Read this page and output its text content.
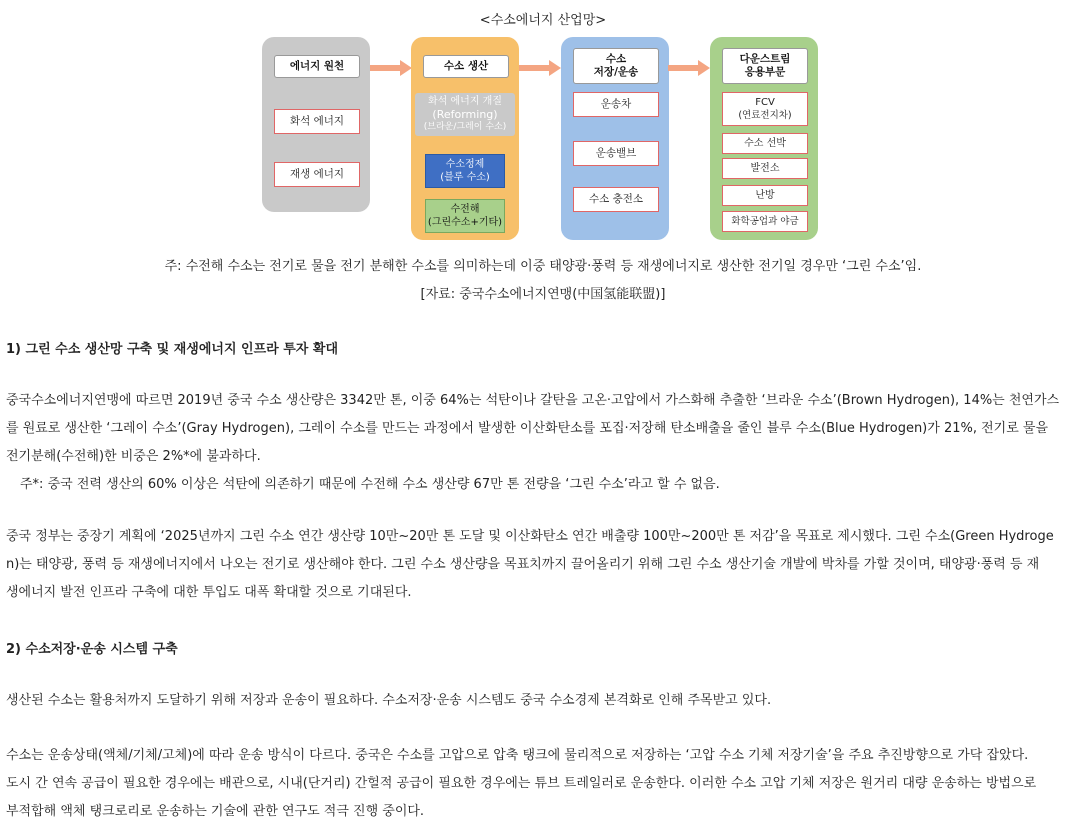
<수소에너지 산업망>
에너지 원천
화석 에너지
재생 에너지
수소 생산
화석 에너지 개질
(Reforming)
(브라운/그레이 수소)
수소정제
(블루 수소)
수전해
(그린수소+기타)
수소
저장/운송
운송차
운송밸브
수소 충전소
다운스트림
응용부문
FCV
(연료전지차)
수소 선박
발전소
난방
화학공업과 야금
주: 수전해 수소는 전기로 물을 전기 분해한 수소를 의미하는데 이중 태양광·풍력 등 재생에너지로 생산한 전기일 경우만 ‘그린 수소’임.
[자료: 중국수소에너지연맹(中国氢能联盟)]
1) 그린 수소 생산망 구축 및 재생에너지 인프라 투자 확대
중국수소에너지연맹에 따르면 2019년 중국 수소 생산량은 3342만 톤, 이중 64%는 석탄이나 갈탄을 고온·고압에서 가스화해 추출한 ‘브라운 수소’(Brown Hydrogen), 14%는 천연가스
를 원료로 생산한 ‘그레이 수소’(Gray Hydrogen), 그레이 수소를 만드는 과정에서 발생한 이산화탄소를 포집·저장해 탄소배출을 줄인 블루 수소(Blue Hydrogen)가 21%, 전기로 물을
전기분해(수전해)한 비중은 2%*에 불과하다.
주*: 중국 전력 생산의 60% 이상은 석탄에 의존하기 때문에 수전해 수소 생산량 67만 톤 전량을 ‘그린 수소’라고 할 수 없음.
중국 정부는 중장기 계획에 ‘2025년까지 그린 수소 연간 생산량 10만~20만 톤 도달 및 이산화탄소 연간 배출량 100만~200만 톤 저감’을 목표로 제시했다. 그린 수소(Green Hydroge
n)는 태양광, 풍력 등 재생에너지에서 나오는 전기로 생산해야 한다. 그린 수소 생산량을 목표치까지 끌어올리기 위해 그린 수소 생산기술 개발에 박차를 가할 것이며, 태양광·풍력 등 재
생에너지 발전 인프라 구축에 대한 투입도 대폭 확대할 것으로 기대된다.
2) 수소저장·운송 시스템 구축
생산된 수소는 활용처까지 도달하기 위해 저장과 운송이 필요하다. 수소저장·운송 시스템도 중국 수소경제 본격화로 인해 주목받고 있다.
수소는 운송상태(액체/기체/고체)에 따라 운송 방식이 다르다. 중국은 수소를 고압으로 압축 탱크에 물리적으로 저장하는 ‘고압 수소 기체 저장기술’을 주요 추진방향으로 가닥 잡았다.
도시 간 연속 공급이 필요한 경우에는 배관으로, 시내(단거리) 간헐적 공급이 필요한 경우에는 튜브 트레일러로 운송한다. 이러한 수소 고압 기체 저장은 원거리 대량 운송하는 방법으로
부적합해 액체 탱크로리로 운송하는 기술에 관한 연구도 적극 진행 중이다.
